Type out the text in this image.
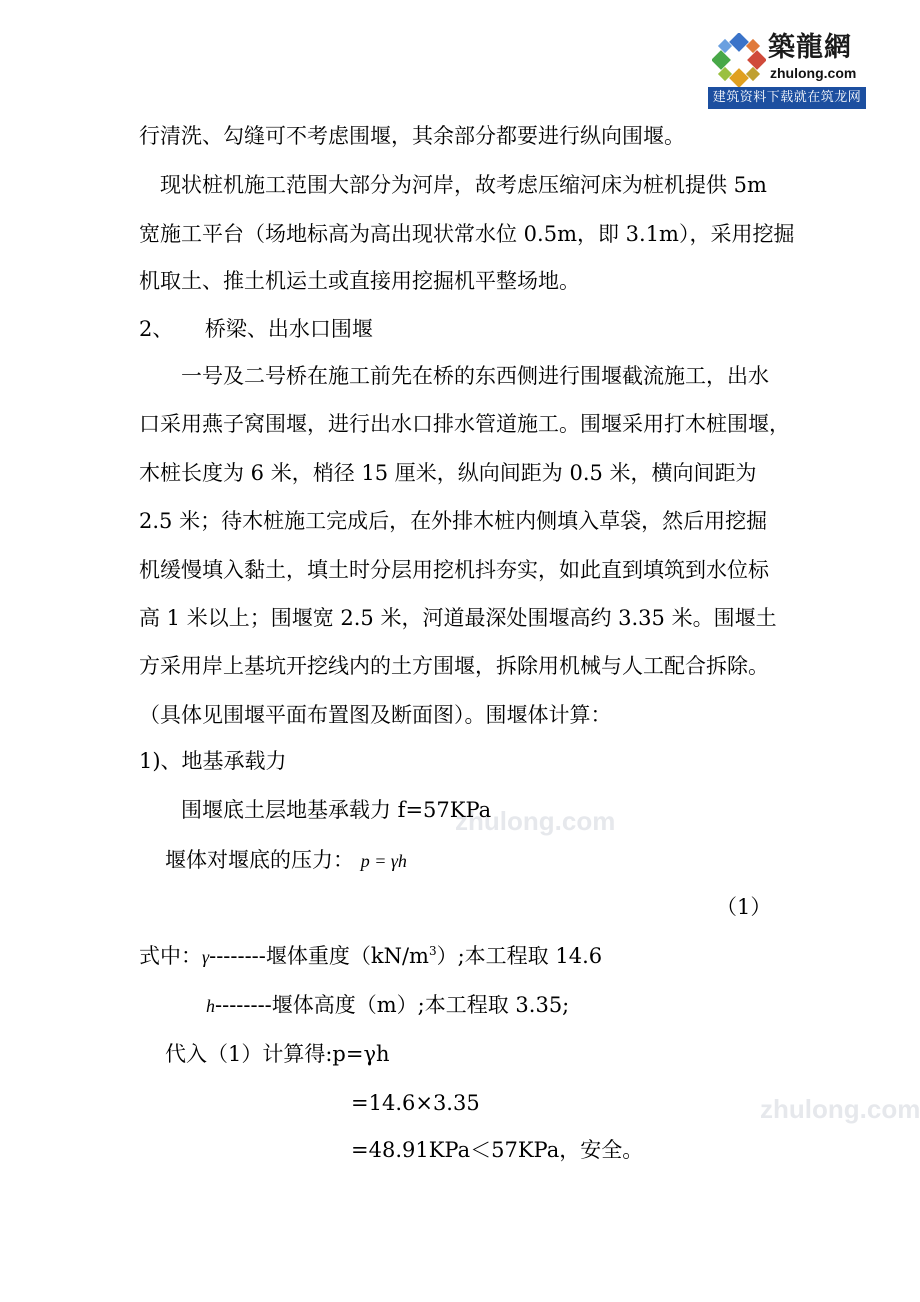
築龍網
zhulong.com
建筑资料下载就在筑龙网
zhulong.com
zhulong.com
行清洗、勾缝可不考虑围堰，其余部分都要进行纵向围堰。
　现状桩机施工范围大部分为河岸，故考虑压缩河床为桩机提供 5m
宽施工平台（场地标高为高出现状常水位 0.5m，即 3.1m），采用挖掘
机取土、推土机运土或直接用挖掘机平整场地。
2、　　桥梁、出水口围堰
　　一号及二号桥在施工前先在桥的东西侧进行围堰截流施工，出水
口采用燕子窝围堰，进行出水口排水管道施工。围堰采用打木桩围堰，
木桩长度为 6 米，梢径 15 厘米，纵向间距为 0.5 米，横向间距为
2.5 米；待木桩施工完成后，在外排木桩内侧填入草袋，然后用挖掘
机缓慢填入黏土，填土时分层用挖机抖夯实，如此直到填筑到水位标
高 1 米以上；围堰宽 2.5 米，河道最深处围堰高约 3.35 米。围堰土
方采用岸上基坑开挖线内的土方围堰，拆除用机械与人工配合拆除。
（具体见围堰平面布置图及断面图）。围堰体计算：
1)、地基承载力
　　围堰底土层地基承载力 f=57KPa
堰体对堰底的压力： p = γh
（1）
式中：γ--------堰体重度$(kN/m^3)$;本工程取 14.6
h--------堰体高度（m）;本工程取 3.35;
代入（1）计算得:p=γh
=14.6×3.35
=48.91KPa＜57KPa，安全。
